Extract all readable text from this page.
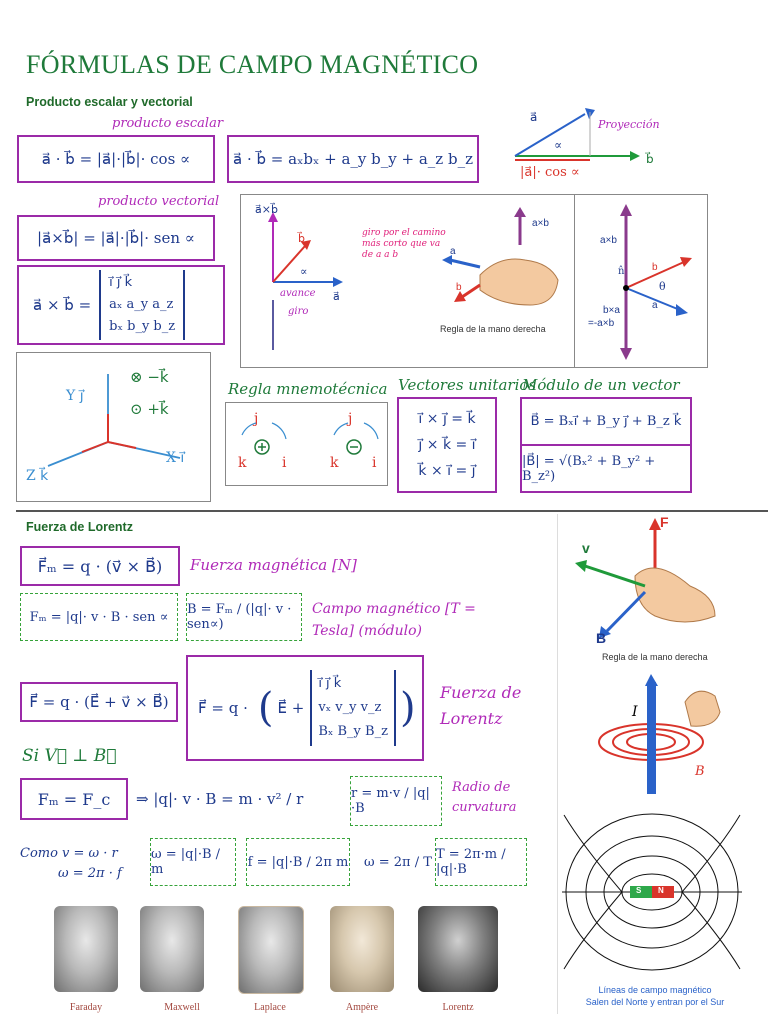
FÓRMULAS DE CAMPO MAGNÉTICO
Producto escalar y vectorial
producto escalar
a⃗ · b⃗ = |a⃗|·|b⃗|· cos ∝	a⃗ · b⃗ = aₓbₓ + a_y b_y + a_z b_z
a⃗
∝
Proyección
|a⃗|· cos ∝
b⃗
producto vectorial
|a⃗×b⃗| = |a⃗|·|b⃗|· sen ∝
a⃗ × b⃗ =
ı⃗ ȷ⃗ k⃗
aₓ a_y a_z
bₓ b_y b_z
a⃗×b⃗
b⃗
∝
a⃗
avance
giro
giro por el camino más corto que va de a a b
a×b
a
b
Regla de la mano derecha
a×b
n̂	b
θ
a
b×a
=-a×b
Y ȷ⃗
X ı⃗
Z k⃗
⊗ −k⃗
⊙ +k⃗
Regla mnemotécnica
j
k	i
j
k i
Vectores unitarios
ı⃗ × ȷ⃗ = k⃗
ȷ⃗ × k⃗ = ı⃗
k⃗ × ı⃗ = ȷ⃗
Módulo de un vector
B⃗ = Bₓı⃗ + B_y ȷ⃗ + B_z k⃗
|B⃗| = √(Bₓ² + B_y² + B_z²)
Fuerza de Lorentz
F⃗ₘ = q · (v⃗ × B⃗)	Fuerza magnética [N]
Fₘ = |q|· v · B · sen ∝	B = Fₘ / (|q|· v · sen∝)
Campo magnético [T = Tesla] (módulo)
F⃗ = q · (E⃗ + v⃗ × B⃗)	F⃗ = q · ( E⃗ +
ı⃗ ȷ⃗ k⃗
vₓ v_y v_z
Bₓ B_y B_z
) Fuerza de Lorentz
Si V⃗ ⊥ B⃗
Fₘ = F_c	⇒ |q|· v · B = m · v² / r	r = m·v / |q|·B
Radio de curvatura
Como v = ω · r
ω = 2π · f
ω = |q|·B / m	f = |q|·B / 2π m ω = 2π / T
T = 2π·m / |q|·B
F
v
B
Regla de la mano derecha
I
B
S N
Líneas de campo magnético
Salen del Norte y entran por el Sur
Faraday	Maxwell	Laplace	Ampère	Lorentz
